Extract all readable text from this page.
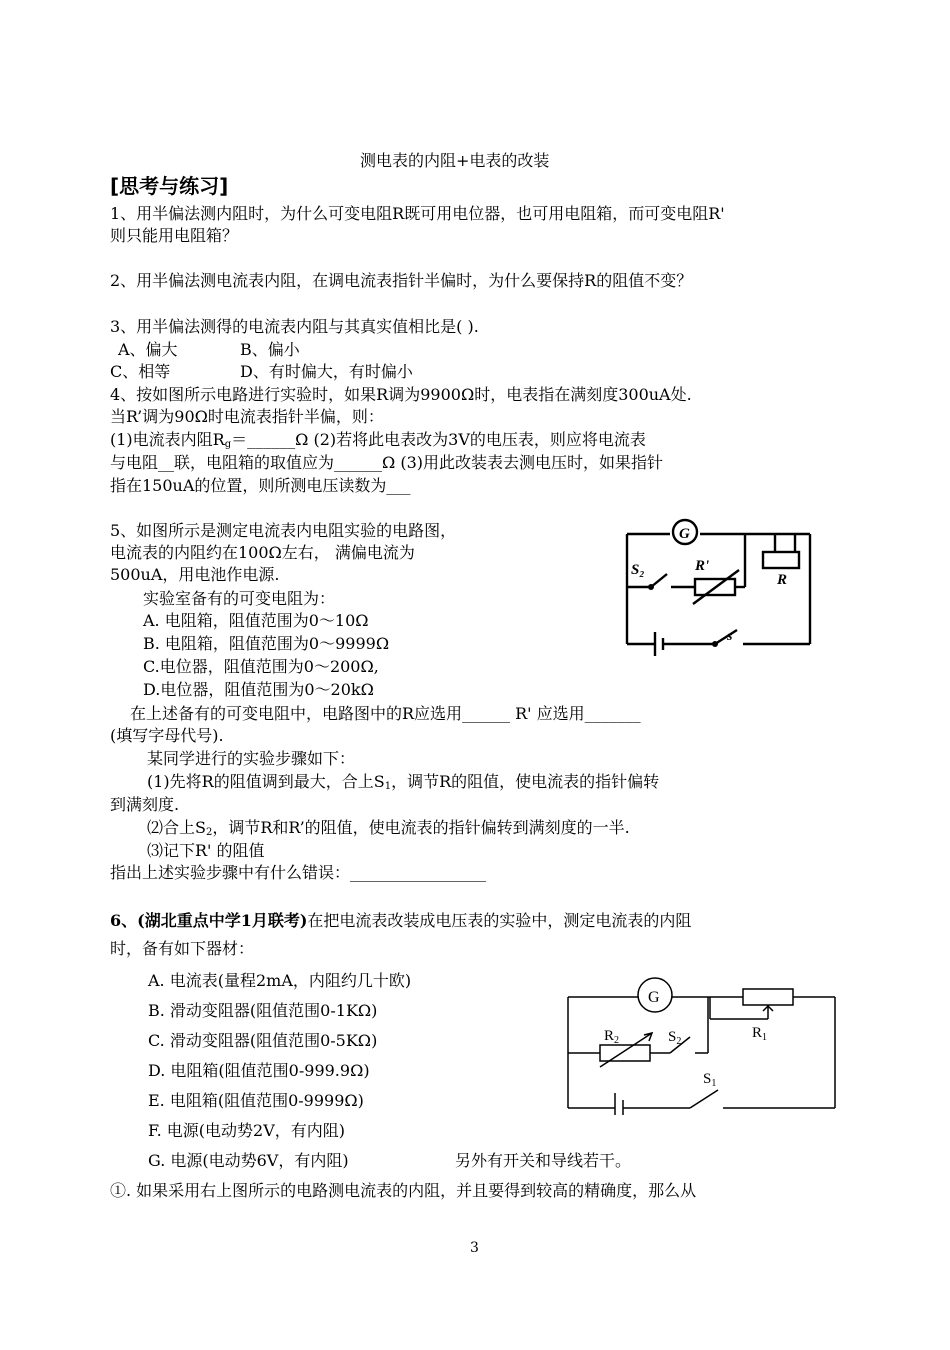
测电表的内阻+电表的改装
[思考与练习]
1、用半偏法测内阻时，为什么可变电阻R既可用电位器，也可用电阻箱，而可变电阻R'
则只能用电阻箱？
2、用半偏法测电流表内阻，在调电流表指针半偏时，为什么要保持R的阻值不变？
3、用半偏法测得的电流表内阻与其真实值相比是( ).
A、偏大	B、偏小
C、相等	D、有时偏大，有时偏小
4、按如图所示电路进行实验时，如果R调为9900Ω时，电表指在满刻度300uA处.
当R’调为90Ω时电流表指针半偏，则：
(1)电流表内阻$R_g=\_\_\_\_\_\_\Omega$ (2)若将此电表改为3V的电压表，则应将电流表
与电阻__联，电阻箱的取值应为______Ω (3)用此改装表去测电压时，如果指针
指在150uA的位置，则所测电压读数为___
5、如图所示是测定电流表内电阻实验的电路图，
电流表的内阻约在100Ω左右， 满偏电流为
500uA，用电池作电源.
实验室备有的可变电阻为：
A. 电阻箱，阻值范围为0～10Ω
B. 电阻箱，阻值范围为0～9999Ω
C.电位器，阻值范围为0～200Ω,
D.电位器，阻值范围为0～20kΩ
在上述备有的可变电阻中，电路图中的R应选用______ R' 应选用_______
(填写字母代号).
某同学进行的实验步骤如下：
(1)先将R的阻值调到最大，合上$S_1$，调节R的阻值，使电流表的指针偏转
到满刻度.
⑵合上$S_2$，调节R和R’的阻值，使电流表的指针偏转到满刻度的一半.
⑶记下R' 的阻值
指出上述实验步骤中有什么错误：_________________
G
S₂	R'
R
s
6、(湖北重点中学1月联考)在把电流表改装成电压表的实验中，测定电流表的内阻
时，备有如下器材：
A. 电流表(量程2mA，内阻约几十欧)
B. 滑动变阻器(阻值范围0-1KΩ)
C. 滑动变阻器(阻值范围0-5KΩ)
D. 电阻箱(阻值范围0-999.9Ω)
E. 电阻箱(阻值范围0-9999Ω)
F. 电源(电动势2V，有内阻)
G. 电源(电动势6V，有内阻)	另外有开关和导线若干。
①. 如果采用右上图所示的电路测电流表的内阻，并且要得到较高的精确度，那么从
G
$R_1$
$R_2$	$S_2$
$S_1$
3
